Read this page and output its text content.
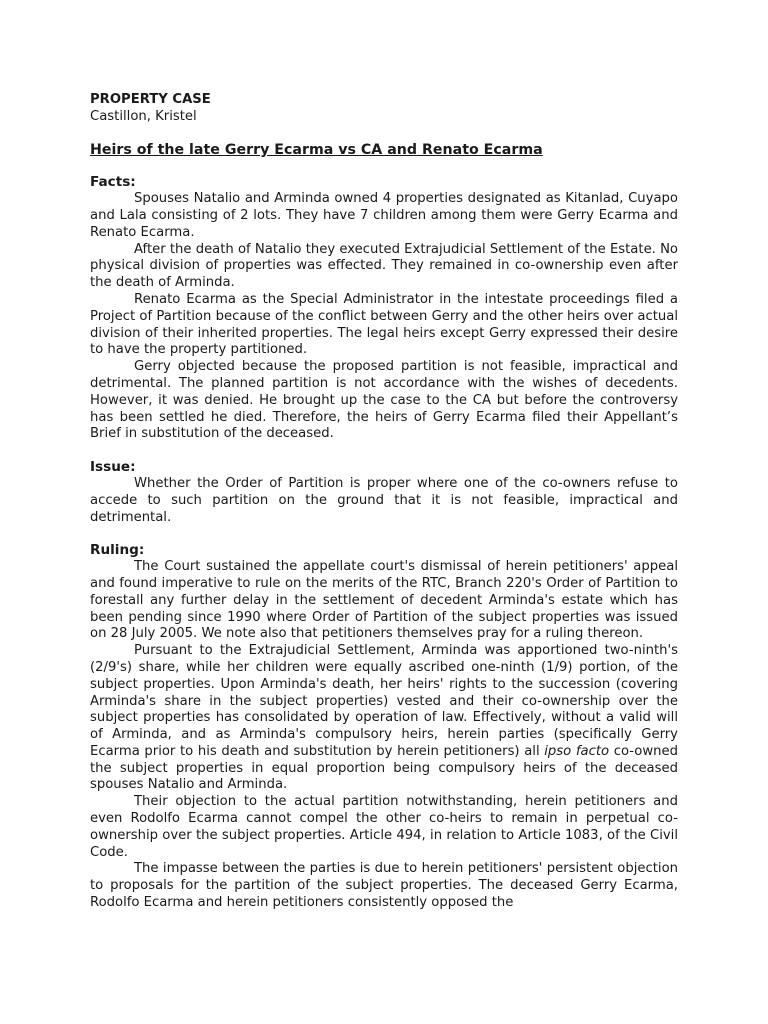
PROPERTY CASE
Castillon, Kristel
Heirs of the late Gerry Ecarma vs CA and Renato Ecarma
Facts:

Spouses Natalio and Arminda owned 4 properties designated as Kitanlad, Cuyapo and Lala consisting of 2 lots. They have 7 children among them were Gerry Ecarma and Renato Ecarma.

After the death of Natalio they executed Extrajudicial Settlement of the Estate. No physical division of properties was effected. They remained in co-ownership even after the death of Arminda.

Renato Ecarma as the Special Administrator in the intestate proceedings filed a Project of Partition because of the conflict between Gerry and the other heirs over actual division of their inherited properties. The legal heirs except Gerry expressed their desire to have the property partitioned.

Gerry objected because the proposed partition is not feasible, impractical and detrimental. The planned partition is not accordance with the wishes of decedents. However, it was denied. He brought up the case to the CA but before the controversy has been settled he died. Therefore, the heirs of Gerry Ecarma filed their Appellant’s Brief in substitution of the deceased.

Issue:

Whether the Order of Partition is proper where one of the co-owners refuse to accede to such partition on the ground that it is not feasible, impractical and detrimental.

Ruling:

The Court sustained the appellate court's dismissal of herein petitioners' appeal and found imperative to rule on the merits of the RTC, Branch 220's Order of Partition to forestall any further delay in the settlement of decedent Arminda's estate which has been pending since 1990 where Order of Partition of the subject properties was issued on 28 July 2005. We note also that petitioners themselves pray for a ruling thereon.

Pursuant to the Extrajudicial Settlement, Arminda was apportioned two-ninth's (2/9's) share, while her children were equally ascribed one-ninth (1/9) portion, of the subject properties. Upon Arminda's death, her heirs' rights to the succession (covering Arminda's share in the subject properties) vested and their co-ownership over the subject properties has consolidated by operation of law. Effectively, without a valid will of Arminda, and as Arminda's compulsory heirs, herein parties (specifically Gerry Ecarma prior to his death and substitution by herein petitioners) all ipso facto co-owned the subject properties in equal proportion being compulsory heirs of the deceased spouses Natalio and Arminda.

Their objection to the actual partition notwithstanding, herein petitioners and even Rodolfo Ecarma cannot compel the other co-heirs to remain in perpetual co-ownership over the subject properties. Article 494, in relation to Article 1083, of the Civil Code.

The impasse between the parties is due to herein petitioners' persistent objection to proposals for the partition of the subject properties. The deceased Gerry Ecarma, Rodolfo Ecarma and herein petitioners consistently opposed the
